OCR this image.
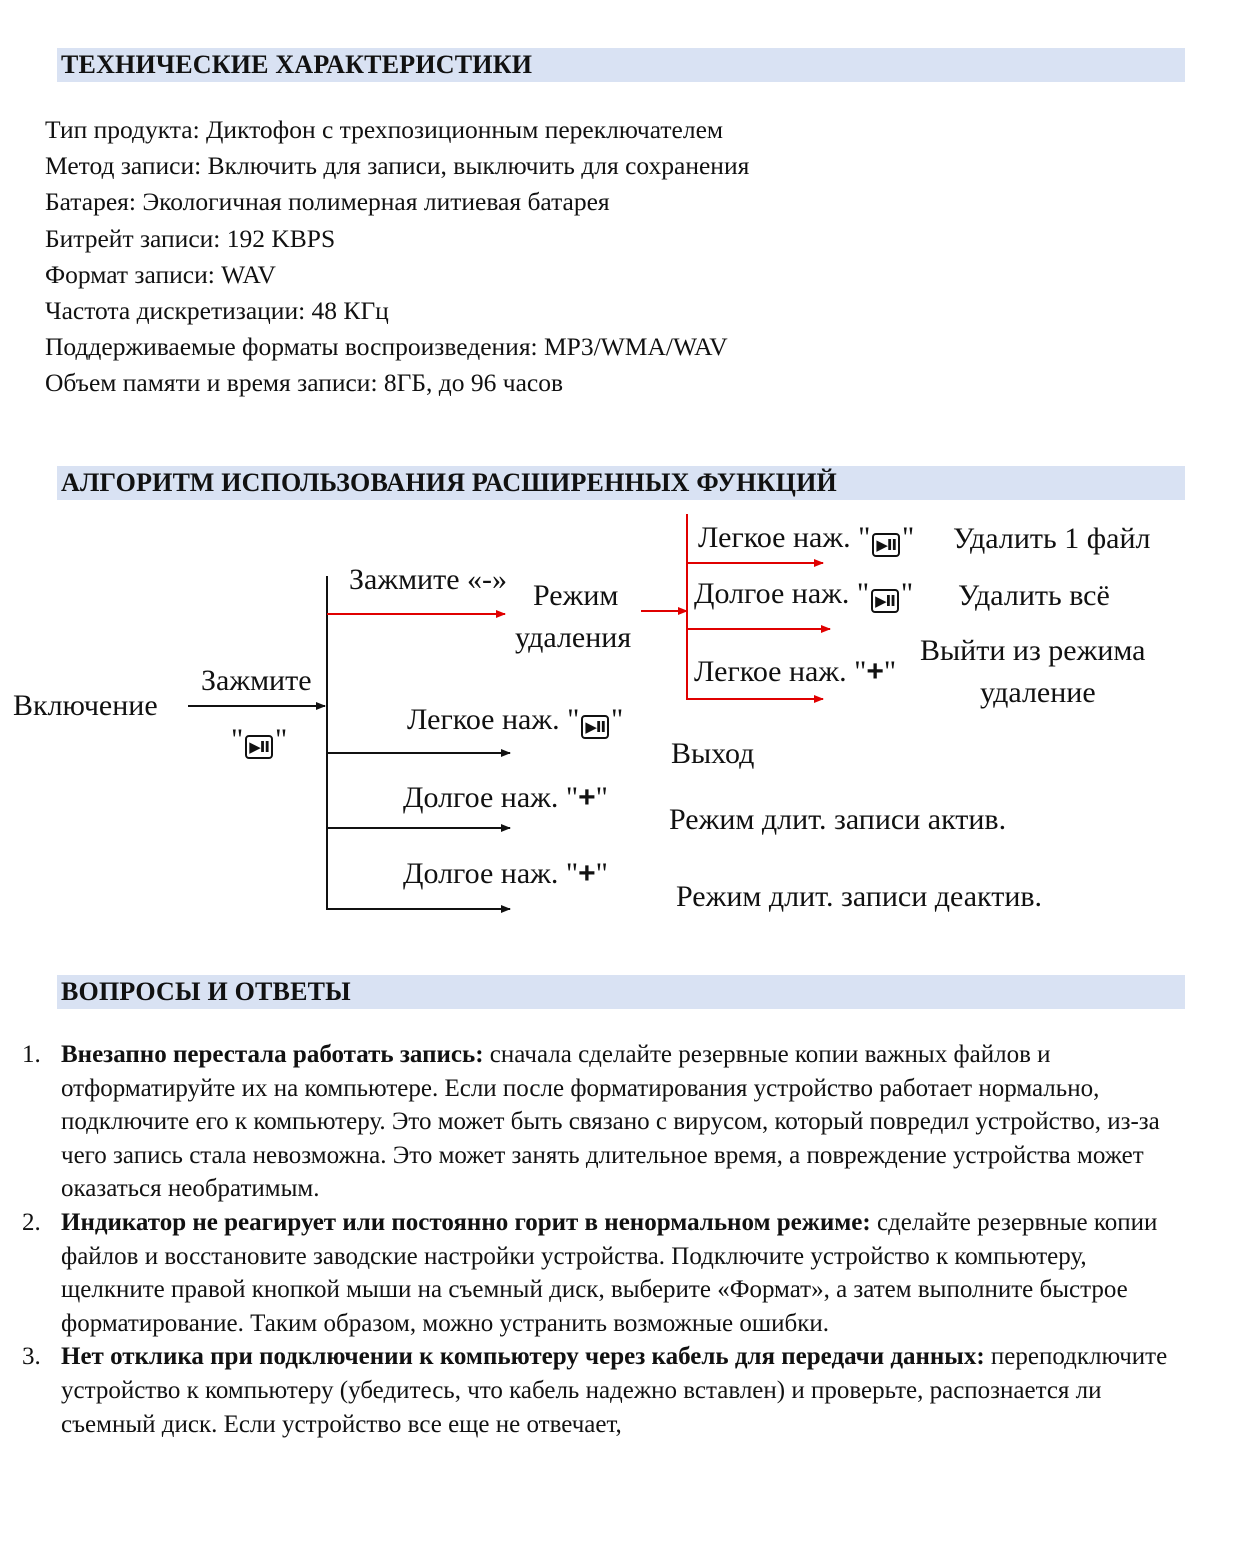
ТЕХНИЧЕСКИЕ ХАРАКТЕРИСТИКИ
Тип продукта: Диктофон с трехпозиционным переключателем
Метод записи: Включить для записи, выключить для сохранения
Батарея: Экологичная полимерная литиевая батарея
Битрейт записи: 192 KBPS
Формат записи: WAV
Частота дискретизации: 48 КГц
Поддерживаемые форматы воспроизведения: MP3/WMA/WAV
Объем памяти и время записи: 8ГБ, до 96 часов
АЛГОРИТМ ИСПОЛЬЗОВАНИЯ РАСШИРЕННЫХ ФУНКЦИЙ
Включение
Зажмите
" ▶II "
Зажмите «-» Режим
удаления
Легкое наж. " ▶II " Удалить 1 файл
Долгое наж. " ▶II " Удалить всё
Легкое наж. "+"
Выйти из режима
удаление
Легкое наж. " ▶II "
Выход
Долгое наж. "+"
Режим длит. записи актив.
Долгое наж. "+"
Режим длит. записи деактив.
ВОПРОСЫ И ОТВЕТЫ
1. Внезапно перестала работать запись: сначала сделайте резервные копии важных файлов и отформатируйте их на компьютере. Если после форматирования устройство работает нормально, подключите его к компьютеру. Это может быть связано с вирусом, который повредил устройство, из-за чего запись стала невозможна. Это может занять длительное время, а повреждение устройства может оказаться необратимым.
2. Индикатор не реагирует или постоянно горит в ненормальном режиме: сделайте резервные копии файлов и восстановите заводские настройки устройства. Подключите устройство к компьютеру, щелкните правой кнопкой мыши на съемный диск, выберите «Формат», а затем выполните быстрое форматирование. Таким образом, можно устранить возможные ошибки.
3. Нет отклика при подключении к компьютеру через кабель для передачи данных: переподключите устройство к компьютеру (убедитесь, что кабель надежно вставлен) и проверьте, распознается ли съемный диск. Если устройство все еще не отвечает,
